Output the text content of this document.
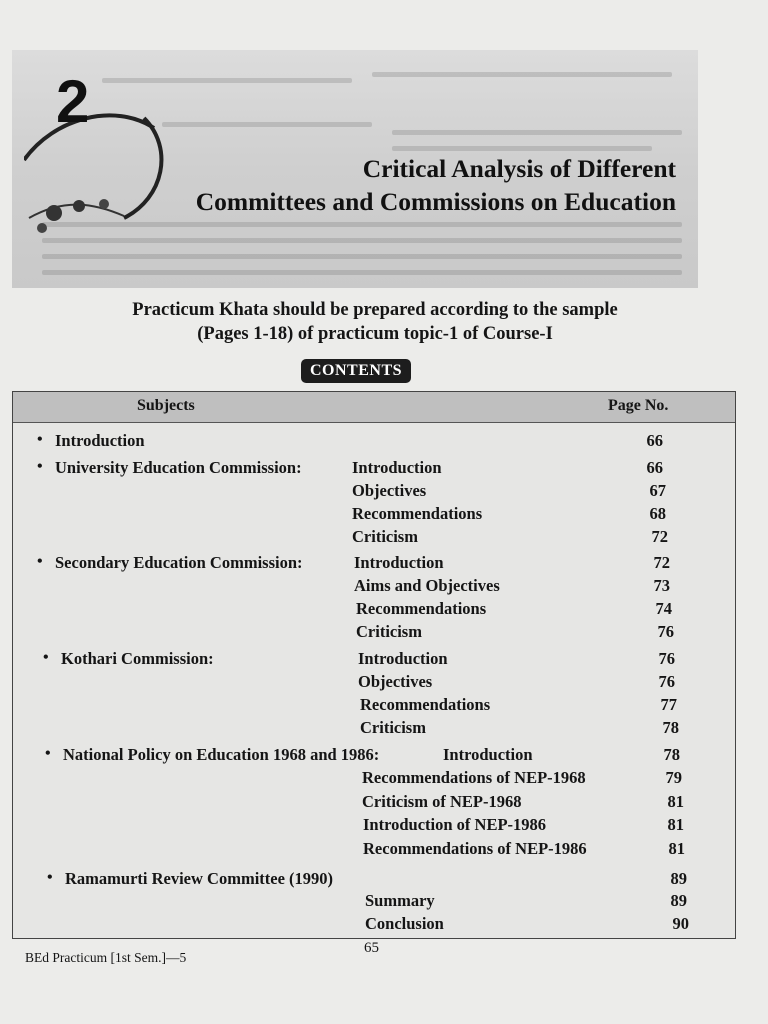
2
Critical Analysis of Different
Committees and Commissions on Education
Practicum Khata should be prepared according to the sample
(Pages 1-18) of practicum topic-1 of Course-I
CONTENTS
Subjects	Page No.
• Introduction	66
• University Education Commission:	Introduction	66
Objectives	67
Recommendations	68
Criticism	72
• Secondary Education Commission:	Introduction	72
Aims and Objectives	73
Recommendations	74
Criticism	76
• Kothari Commission:	Introduction	76
Objectives	76
Recommendations	77
Criticism	78
• National Policy on Education 1968 and 1986:	Introduction	78
Recommendations of NEP-1968	79
Criticism of NEP-1968	81
Introduction of NEP-1986	81
Recommendations of NEP-1986	81
• Ramamurti Review Committee (1990)	89
Summary	89
Conclusion	90
65
BEd Practicum [1st Sem.]—5
